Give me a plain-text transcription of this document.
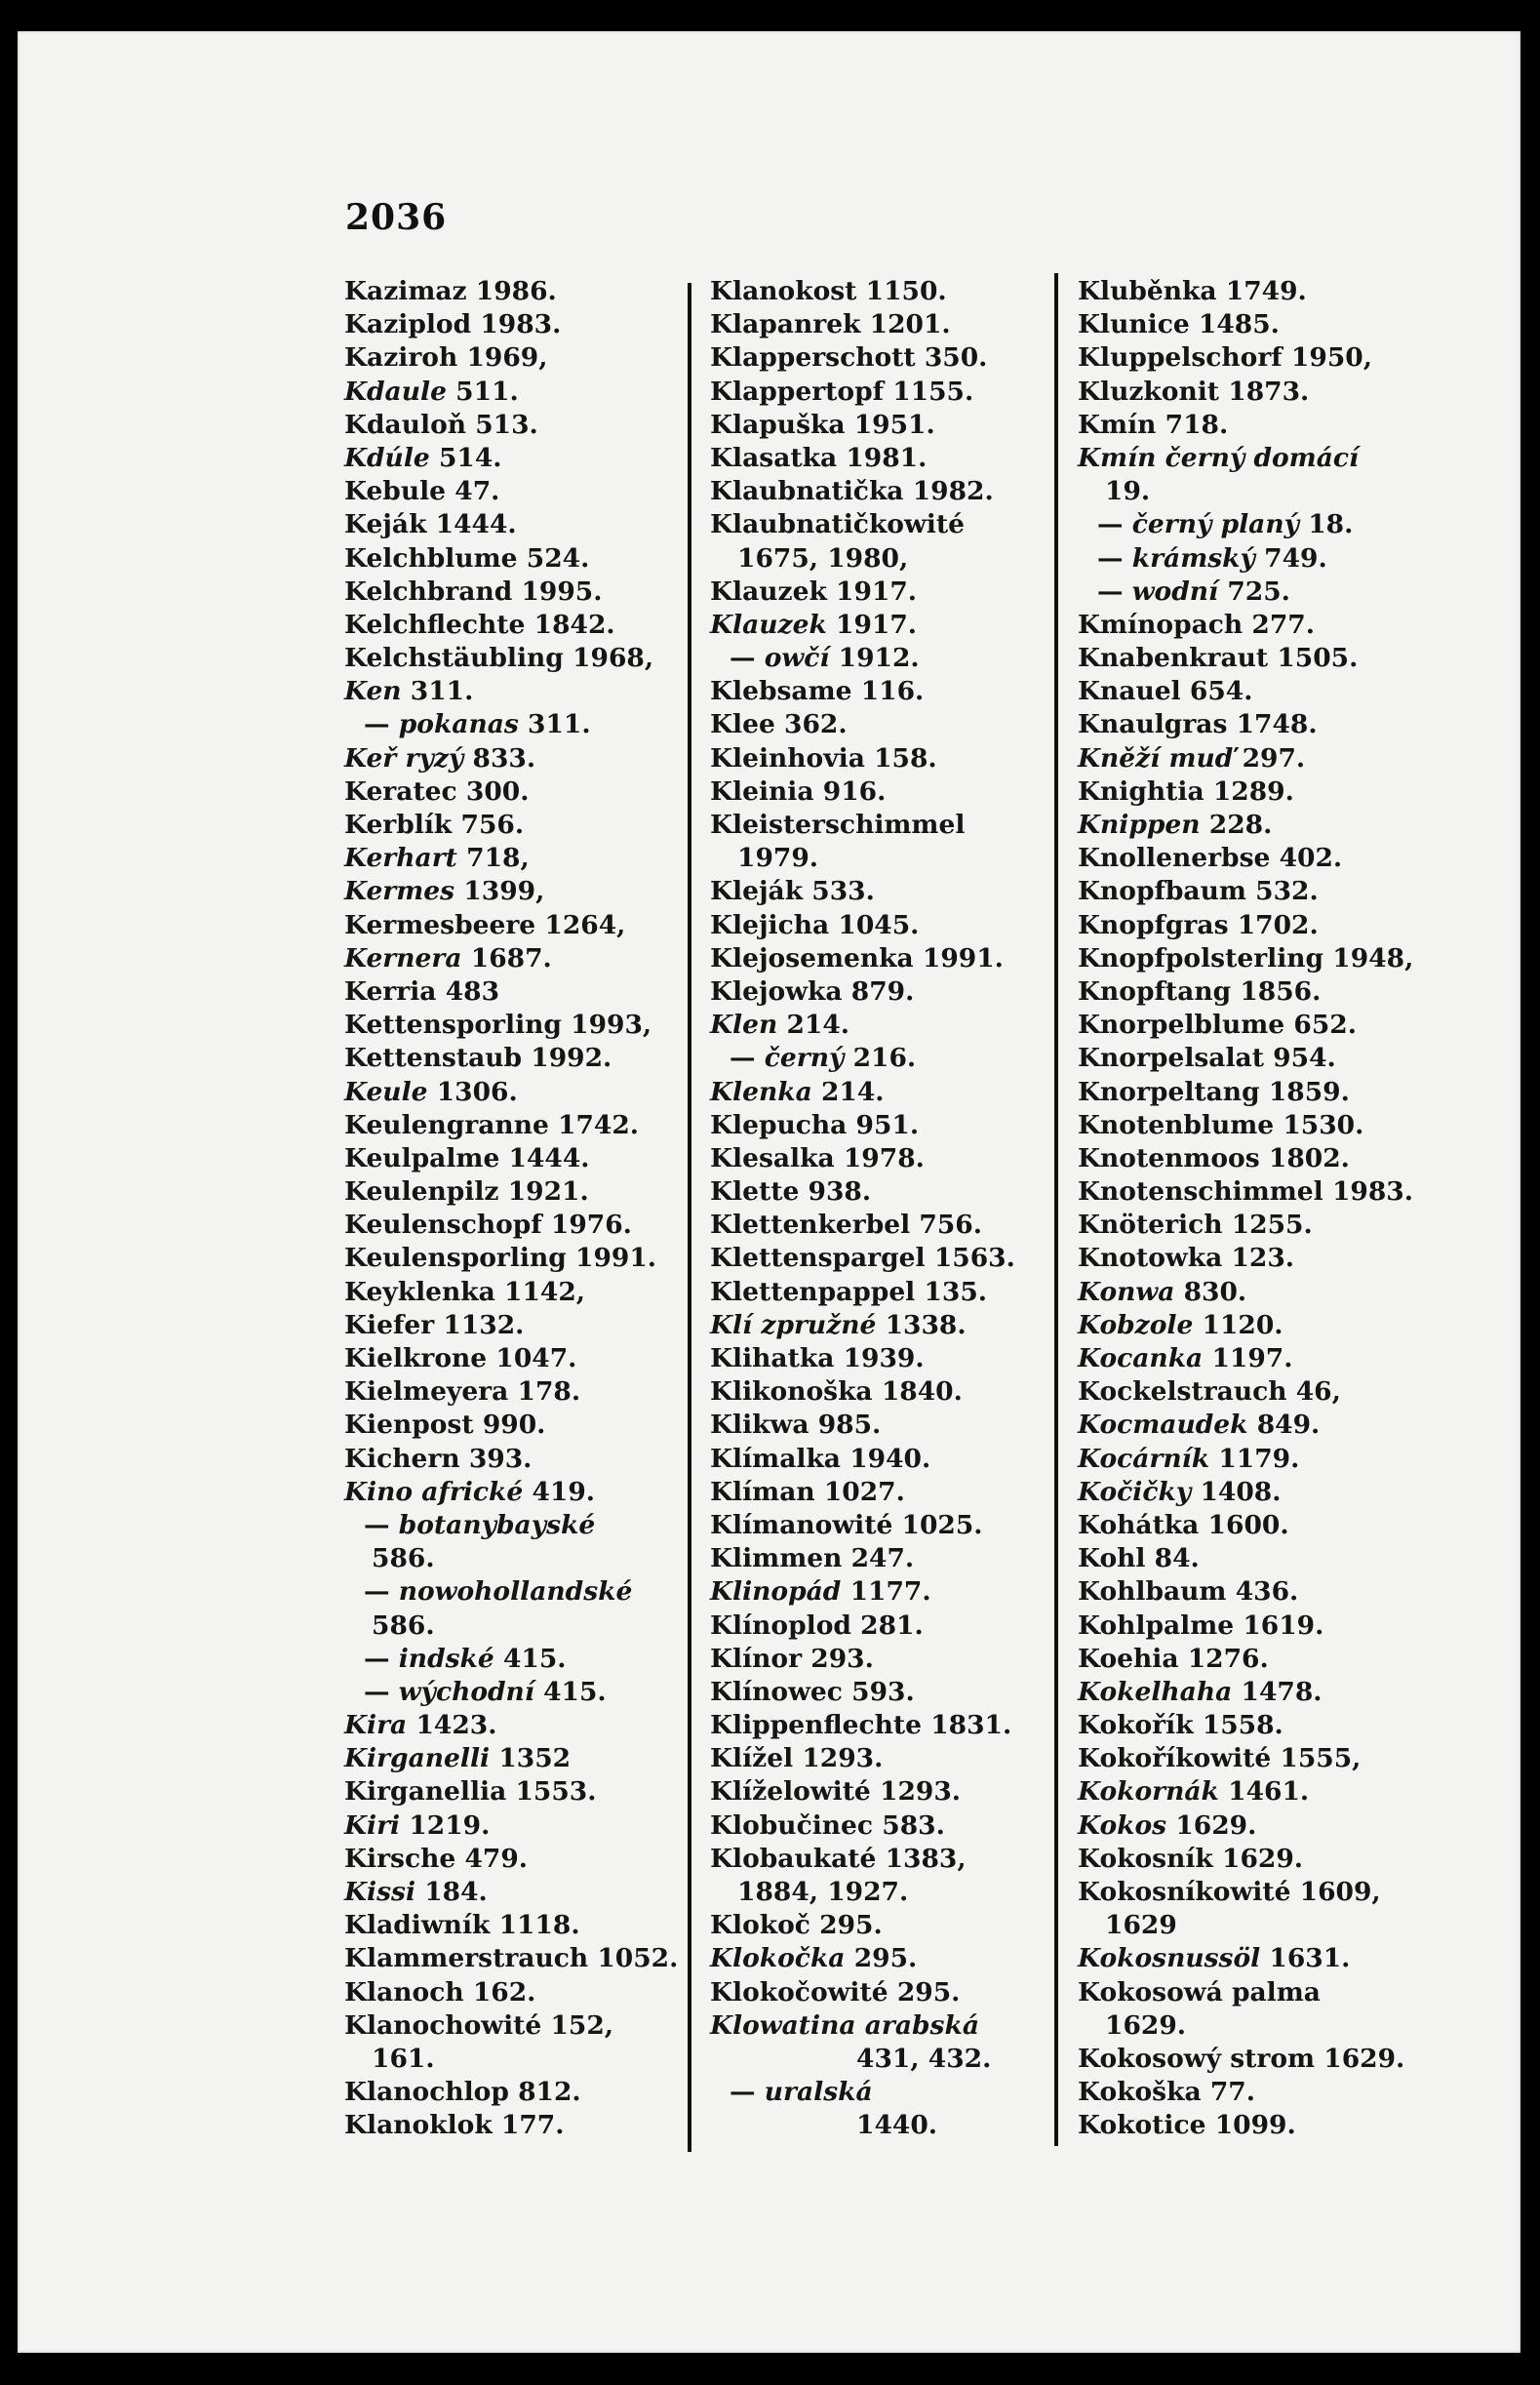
2036
Kazimaz 1986.
Kaziplod 1983.
Kaziroh 1969,
Kdaule 511.
Kdauloň 513.
Kdúle 514.
Kebule 47.
Keják 1444.
Kelchblume 524.
Kelchbrand 1995.
Kelchflechte 1842.
Kelchstäubling 1968,
Ken 311.
— pokanas 311.
Keř ryzý 833.
Keratec 300.
Kerblík 756.
Kerhart 718,
Kermes 1399,
Kermesbeere 1264,
Kernera 1687.
Kerria 483
Kettensporling 1993,
Kettenstaub 1992.
Keule 1306.
Keulengranne 1742.
Keulpalme 1444.
Keulenpilz 1921.
Keulenschopf 1976.
Keulensporling 1991.
Keyklenka 1142,
Kiefer 1132.
Kielkrone 1047.
Kielmeyera 178.
Kienpost 990.
Kichern 393.
Kino africké 419.
— botanybayské
586.
— nowohollandské
586.
— indské 415.
— wýchodní 415.
Kira 1423.
Kirganelli 1352
Kirganellia 1553.
Kiri 1219.
Kirsche 479.
Kissi 184.
Kladiwník 1118.
Klammerstrauch 1052.
Klanoch 162.
Klanochowité 152,
161.
Klanochlop 812.
Klanoklok 177.
Klanokost 1150.
Klapanrek 1201.
Klapperschott 350.
Klappertopf 1155.
Klapuška 1951.
Klasatka 1981.
Klaubnatička 1982.
Klaubnatičkowité
1675, 1980,
Klauzek 1917.
Klauzek 1917.
— owčí 1912.
Klebsame 116.
Klee 362.
Kleinhovia 158.
Kleinia 916.
Kleisterschimmel
1979.
Kleják 533.
Klejicha 1045.
Klejosemenka 1991.
Klejowka 879.
Klen 214.
— černý 216.
Klenka 214.
Klepucha 951.
Klesalka 1978.
Klette 938.
Klettenkerbel 756.
Klettenspargel 1563.
Klettenpappel 135.
Klí zpružné 1338.
Klihatka 1939.
Klikonoška 1840.
Klikwa 985.
Klímalka 1940.
Klíman 1027.
Klímanowité 1025.
Klimmen 247.
Klinopád 1177.
Klínoplod 281.
Klínor 293.
Klínowec 593.
Klippenflechte 1831.
Klížel 1293.
Klíželowité 1293.
Klobučinec 583.
Klobaukaté 1383,
1884, 1927.
Klokoč 295.
Klokočka 295.
Klokočowité 295.
Klowatina arabská
431, 432.
— uralská
1440.
Kluběnka 1749.
Klunice 1485.
Kluppelschorf 1950,
Kluzkonit 1873.
Kmín 718.
Kmín černý domácí
19.
— černý planý 18.
— krámský 749.
— wodní 725.
Kmínopach 277.
Knabenkraut 1505.
Knauel 654.
Knaulgras 1748.
Kněží muď 297.
Knightia 1289.
Knippen 228.
Knollenerbse 402.
Knopfbaum 532.
Knopfgras 1702.
Knopfpolsterling 1948,
Knopftang 1856.
Knorpelblume 652.
Knorpelsalat 954.
Knorpeltang 1859.
Knotenblume 1530.
Knotenmoos 1802.
Knotenschimmel 1983.
Knöterich 1255.
Knotowka 123.
Konwa 830.
Kobzole 1120.
Kocanka 1197.
Kockelstrauch 46,
Kocmaudek 849.
Kocárník 1179.
Kočičky 1408.
Kohátka 1600.
Kohl 84.
Kohlbaum 436.
Kohlpalme 1619.
Koehia 1276.
Kokelhaha 1478.
Kokořík 1558.
Kokoříkowité 1555,
Kokornák 1461.
Kokos 1629.
Kokosník 1629.
Kokosníkowité 1609,
1629
Kokosnussöl 1631.
Kokosowá palma
1629.
Kokosowý strom 1629.
Kokoška 77.
Kokotice 1099.
